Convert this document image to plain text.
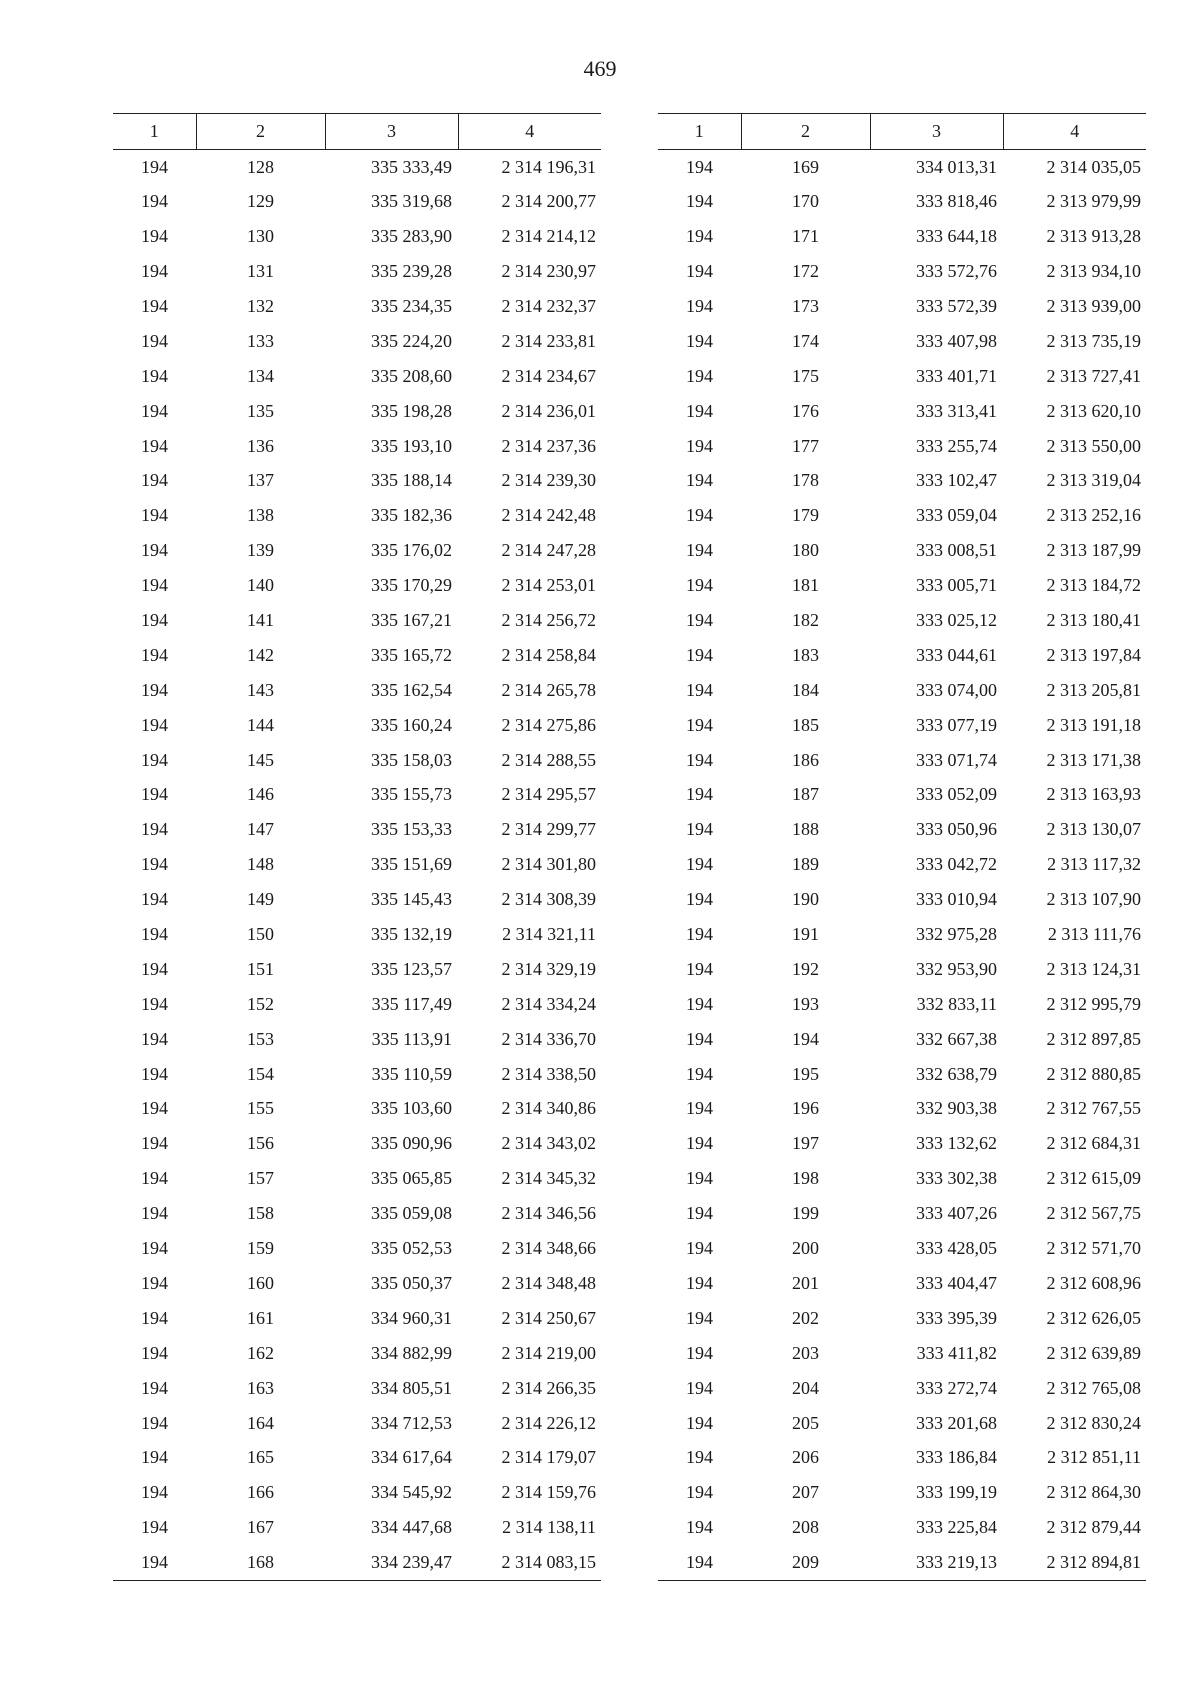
469
1	2	3	4
194	128	335 333,49	2 314 196,31
194	129	335 319,68	2 314 200,77
194	130	335 283,90	2 314 214,12
194	131	335 239,28	2 314 230,97
194	132	335 234,35	2 314 232,37
194	133	335 224,20	2 314 233,81
194	134	335 208,60	2 314 234,67
194	135	335 198,28	2 314 236,01
194	136	335 193,10	2 314 237,36
194	137	335 188,14	2 314 239,30
194	138	335 182,36	2 314 242,48
194	139	335 176,02	2 314 247,28
194	140	335 170,29	2 314 253,01
194	141	335 167,21	2 314 256,72
194	142	335 165,72	2 314 258,84
194	143	335 162,54	2 314 265,78
194	144	335 160,24	2 314 275,86
194	145	335 158,03	2 314 288,55
194	146	335 155,73	2 314 295,57
194	147	335 153,33	2 314 299,77
194	148	335 151,69	2 314 301,80
194	149	335 145,43	2 314 308,39
194	150	335 132,19	2 314 321,11
194	151	335 123,57	2 314 329,19
194	152	335 117,49	2 314 334,24
194	153	335 113,91	2 314 336,70
194	154	335 110,59	2 314 338,50
194	155	335 103,60	2 314 340,86
194	156	335 090,96	2 314 343,02
194	157	335 065,85	2 314 345,32
194	158	335 059,08	2 314 346,56
194	159	335 052,53	2 314 348,66
194	160	335 050,37	2 314 348,48
194	161	334 960,31	2 314 250,67
194	162	334 882,99	2 314 219,00
194	163	334 805,51	2 314 266,35
194	164	334 712,53	2 314 226,12
194	165	334 617,64	2 314 179,07
194	166	334 545,92	2 314 159,76
194	167	334 447,68	2 314 138,11
194	168	334 239,47	2 314 083,15
1	2	3	4
194	169	334 013,31	2 314 035,05
194	170	333 818,46	2 313 979,99
194	171	333 644,18	2 313 913,28
194	172	333 572,76	2 313 934,10
194	173	333 572,39	2 313 939,00
194	174	333 407,98	2 313 735,19
194	175	333 401,71	2 313 727,41
194	176	333 313,41	2 313 620,10
194	177	333 255,74	2 313 550,00
194	178	333 102,47	2 313 319,04
194	179	333 059,04	2 313 252,16
194	180	333 008,51	2 313 187,99
194	181	333 005,71	2 313 184,72
194	182	333 025,12	2 313 180,41
194	183	333 044,61	2 313 197,84
194	184	333 074,00	2 313 205,81
194	185	333 077,19	2 313 191,18
194	186	333 071,74	2 313 171,38
194	187	333 052,09	2 313 163,93
194	188	333 050,96	2 313 130,07
194	189	333 042,72	2 313 117,32
194	190	333 010,94	2 313 107,90
194	191	332 975,28	2 313 111,76
194	192	332 953,90	2 313 124,31
194	193	332 833,11	2 312 995,79
194	194	332 667,38	2 312 897,85
194	195	332 638,79	2 312 880,85
194	196	332 903,38	2 312 767,55
194	197	333 132,62	2 312 684,31
194	198	333 302,38	2 312 615,09
194	199	333 407,26	2 312 567,75
194	200	333 428,05	2 312 571,70
194	201	333 404,47	2 312 608,96
194	202	333 395,39	2 312 626,05
194	203	333 411,82	2 312 639,89
194	204	333 272,74	2 312 765,08
194	205	333 201,68	2 312 830,24
194	206	333 186,84	2 312 851,11
194	207	333 199,19	2 312 864,30
194	208	333 225,84	2 312 879,44
194	209	333 219,13	2 312 894,81
